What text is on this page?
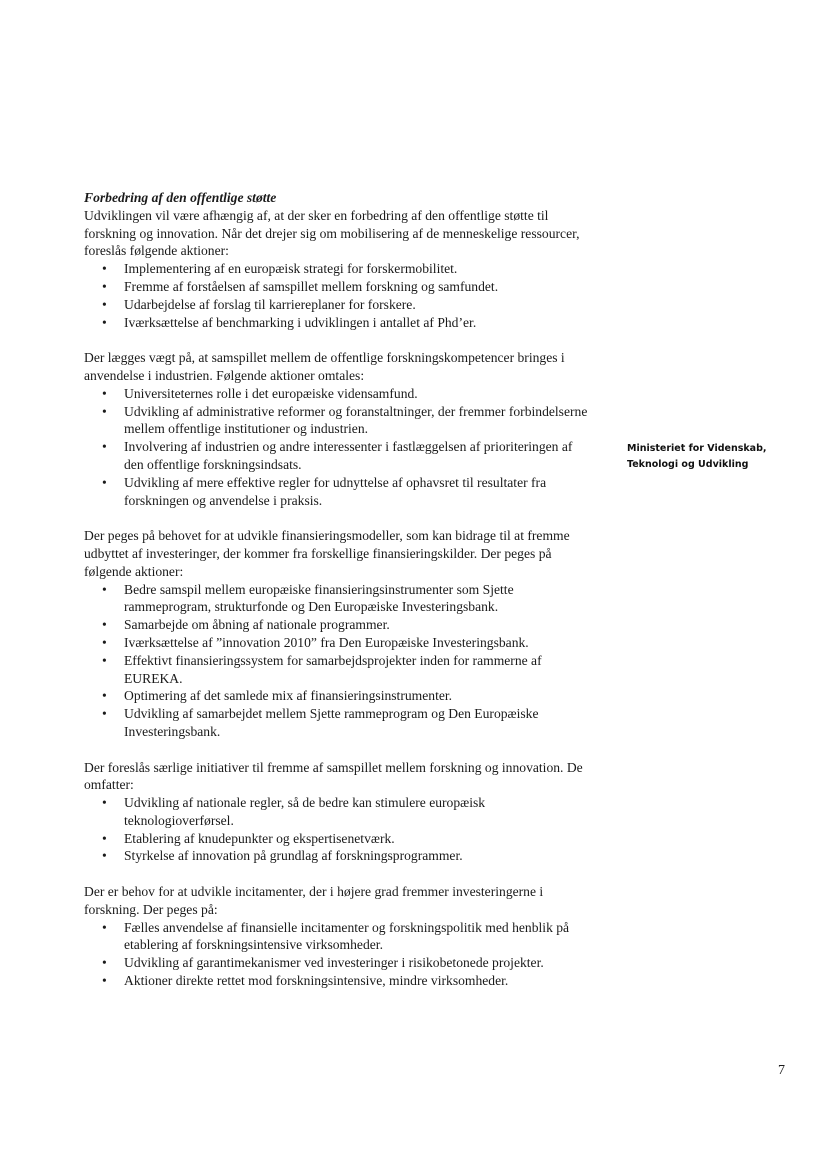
Forbedring af den offentlige støtte

Udviklingen vil være afhængig af, at der sker en forbedring af den offentlige støtte til forskning og innovation. Når det drejer sig om mobilisering af de menneskelige ressourcer, foreslås følgende aktioner:

• Implementering af en europæisk strategi for forskermobilitet.
• Fremme af forståelsen af samspillet mellem forskning og samfundet.
• Udarbejdelse af forslag til karriereplaner for forskere.
• Iværksættelse af benchmarking i udviklingen i antallet af Phd’er.

Der lægges vægt på, at samspillet mellem de offentlige forskningskompetencer bringes i anvendelse i industrien. Følgende aktioner omtales:

• Universiteternes rolle i det europæiske vidensamfund.
• Udvikling af administrative reformer og foranstaltninger, der fremmer forbindelserne mellem offentlige institutioner og industrien.
• Involvering af industrien og andre interessenter i fastlæggelsen af prioriteringen af den offentlige forskningsindsats.
• Udvikling af mere effektive regler for udnyttelse af ophavsret til resultater fra forskningen og anvendelse i praksis.

Der peges på behovet for at udvikle finansieringsmodeller, som kan bidrage til at fremme udbyttet af investeringer, der kommer fra forskellige finansieringskilder. Der peges på følgende aktioner:

• Bedre samspil mellem europæiske finansieringsinstrumenter som Sjette rammeprogram, strukturfonde og Den Europæiske Investeringsbank.
• Samarbejde om åbning af nationale programmer.
• Iværksættelse af ”innovation 2010” fra Den Europæiske Investeringsbank.
• Effektivt finansieringssystem for samarbejdsprojekter inden for rammerne af EUREKA.
• Optimering af det samlede mix af finansieringsinstrumenter.
• Udvikling af samarbejdet mellem Sjette rammeprogram og Den Europæiske Investeringsbank.

Der foreslås særlige initiativer til fremme af samspillet mellem forskning og innovation. De omfatter:

• Udvikling af nationale regler, så de bedre kan stimulere europæisk teknologioverførsel.
• Etablering af knudepunkter og ekspertisenetværk.
• Styrkelse af innovation på grundlag af forskningsprogrammer.

Der er behov for at udvikle incitamenter, der i højere grad fremmer investeringerne i forskning. Der peges på:

• Fælles anvendelse af finansielle incitamenter og forskningspolitik med henblik på etablering af forskningsintensive virksomheder.
• Udvikling af garantimekanismer ved investeringer i risikobetonede projekter.
• Aktioner direkte rettet mod forskningsintensive, mindre virksomheder.
Ministeriet for Videnskab,
Teknologi og Udvikling
7
